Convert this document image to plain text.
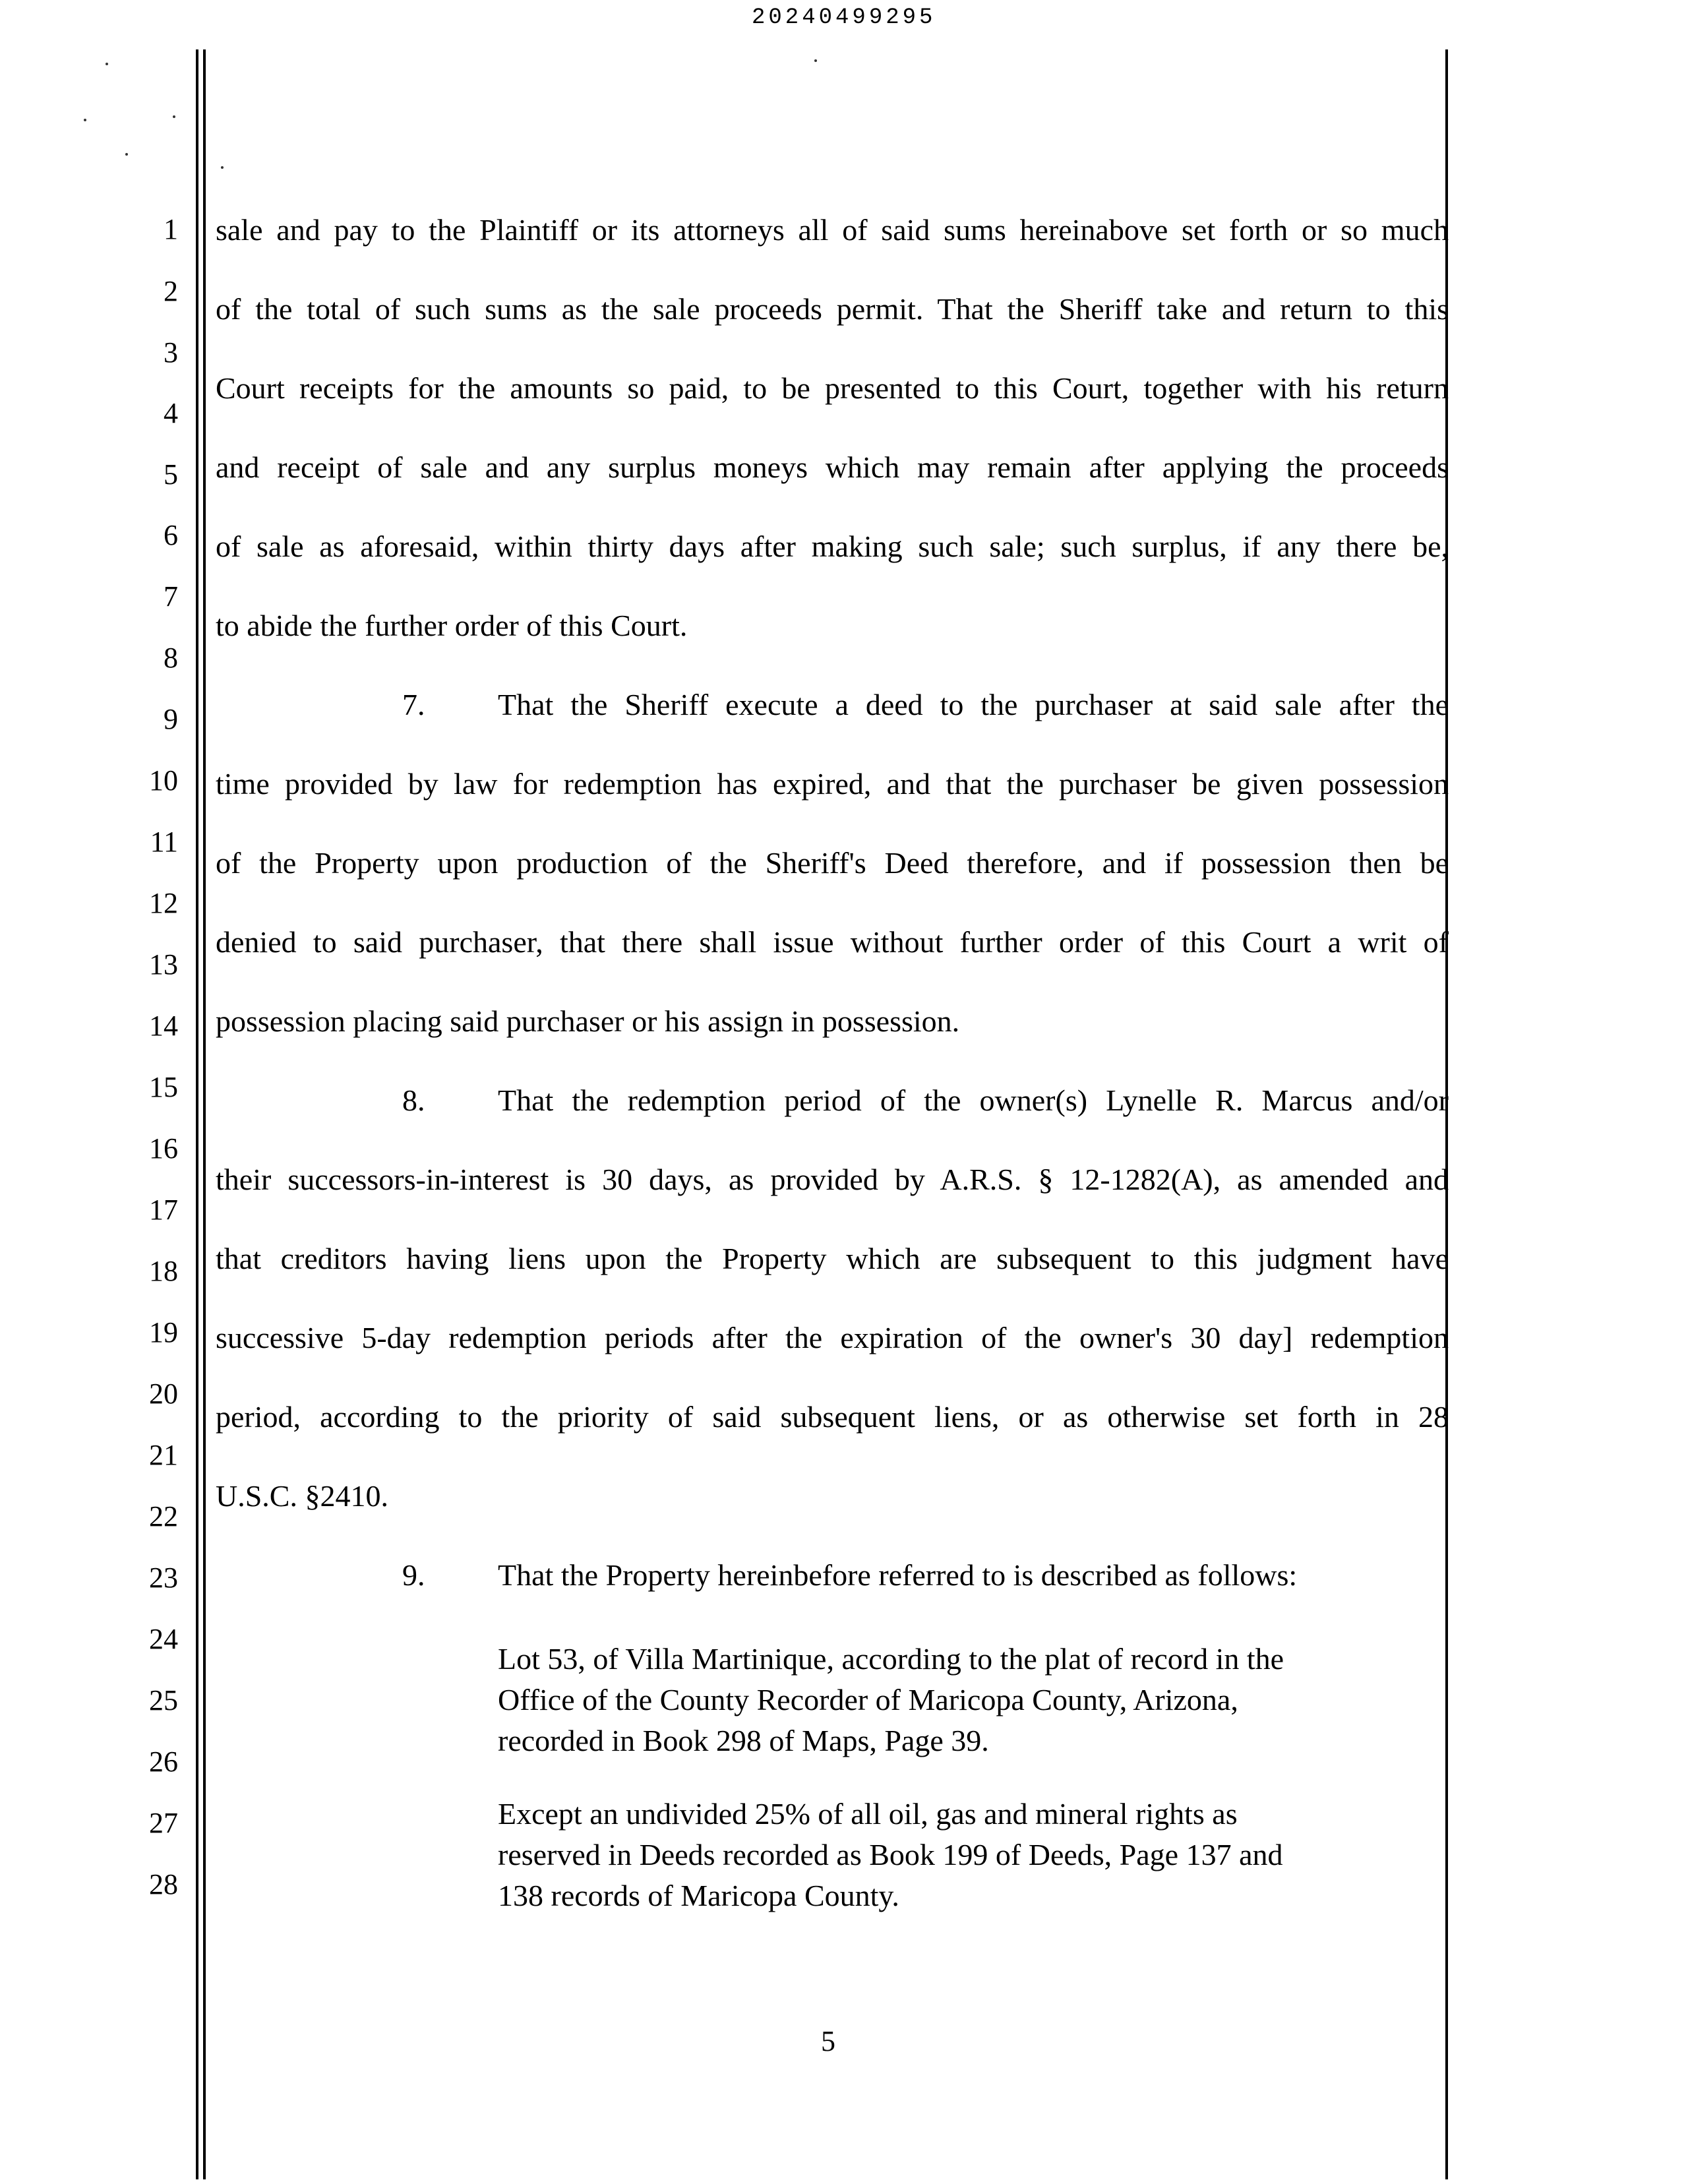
20240499295
1
2
3
4
5
6
7
8
9
10
11
12
13
14
15
16
17
18
19
20
21
22
23
24
25
26
27
28

sale and pay to the Plaintiff or its attorneys all of said sums hereinabove set forth or so much

of the total of such sums as the sale proceeds permit. That the Sheriff take and return to this

Court receipts for the amounts so paid, to be presented to this Court, together with his return

and receipt of sale and any surplus moneys which may remain after applying the proceeds

of sale as aforesaid, within thirty days after making such sale; such surplus, if any there be,

to abide the further order of this Court.

7. That the Sheriff execute a deed to the purchaser at said sale after the

time provided by law for redemption has expired, and that the purchaser be given possession

of the Property upon production of the Sheriff's Deed therefore, and if possession then be

denied to said purchaser, that there shall issue without further order of this Court a writ of

possession placing said purchaser or his assign in possession.

8. That the redemption period of the owner(s) Lynelle R. Marcus and/or

their successors-in-interest is 30 days, as provided by A.R.S. § 12-1282(A), as amended and

that creditors having liens upon the Property which are subsequent to this judgment have

successive 5-day redemption periods after the expiration of the owner's 30 day] redemption

period, according to the priority of said subsequent liens, or as otherwise set forth in 28

U.S.C. §2410.

9. That the Property hereinbefore referred to is described as follows:

Lot 53, of Villa Martinique, according to the plat of record in the
Office of the County Recorder of Maricopa County, Arizona,
recorded in Book 298 of Maps, Page 39.
Except an undivided 25% of all oil, gas and mineral rights as
reserved in Deeds recorded as Book 199 of Deeds, Page 137 and
138 records of Maricopa County.
5
